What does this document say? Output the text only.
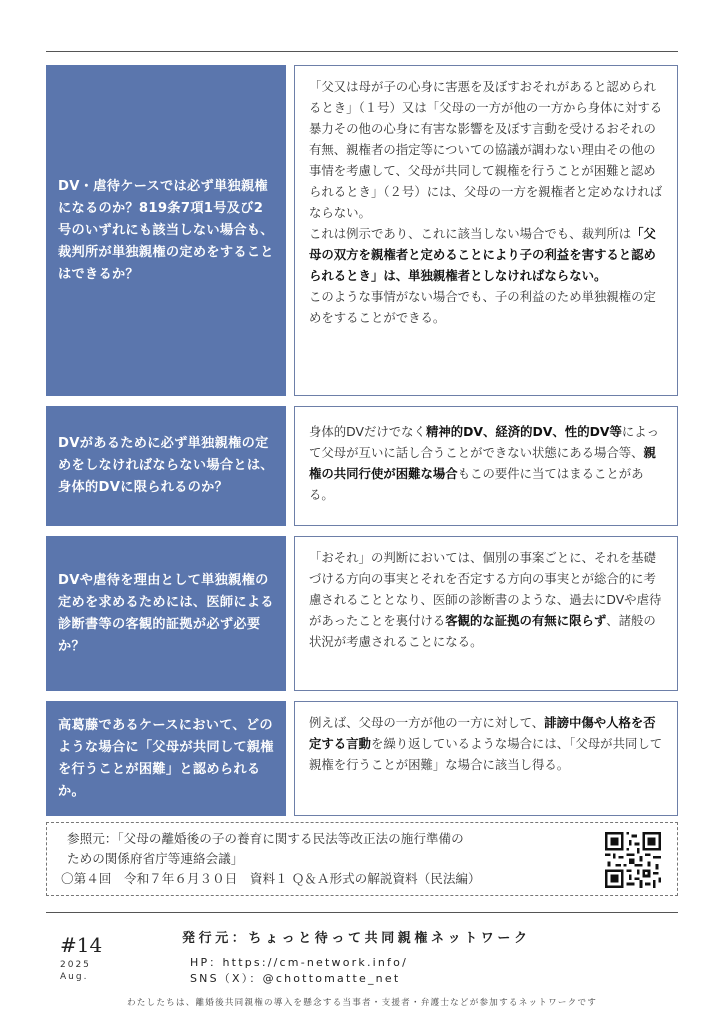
DV・虐待ケースでは必ず単独親権になるのか？819条7項1号及び2号のいずれにも該当しない場合も、裁判所が単独親権の定めをすることはできるか？
「父又は母が子の心身に害悪を及ぼすおそれがあると認められるとき」（１号）又は「父母の一方が他の一方から身体に対する暴力その他の心身に有害な影響を及ぼす言動を受けるおそれの有無、親権者の指定等についての協議が調わない理由その他の事情を考慮して、父母が共同して親権を行うことが困難と認められるとき」（２号）には、父母の一方を親権者と定めなければならない。
これは例示であり、これに該当しない場合でも、裁判所は「父母の双方を親権者と定めることにより子の利益を害すると認められるとき」は、単独親権者としなければならない。
このような事情がない場合でも、子の利益のため単独親権の定めをすることができる。
DVがあるために必ず単独親権の定めをしなければならない場合とは、身体的DVに限られるのか？
身体的DVだけでなく精神的DV、経済的DV、性的DV等によって父母が互いに話し合うことができない状態にある場合等、親権の共同行使が困難な場合もこの要件に当てはまることがある。
DVや虐待を理由として単独親権の定めを求めるためには、医師による診断書等の客観的証拠が必ず必要か？
「おそれ」の判断においては、個別の事案ごとに、それを基礎づける方向の事実とそれを否定する方向の事実とが総合的に考慮されることとなり、医師の診断書のような、過去にDVや虐待があったことを裏付ける客観的な証拠の有無に限らず、諸般の状況が考慮されることになる。
高葛藤であるケースにおいて、どのような場合に「父母が共同して親権を行うことが困難」と認められるか。
例えば、父母の一方が他の一方に対して、誹謗中傷や人格を否定する言動を繰り返しているような場合には、「父母が共同して親権を行うことが困難」な場合に該当し得る。
参照元：「父母の離婚後の子の養育に関する民法等改正法の施行準備の
ための関係府省庁等連絡会議」
〇第４回　令和７年６月３０日　資料１ Ｑ＆Ａ形式の解説資料（民法編）
#14
2025
Aug.
発行元：ちょっと待って共同親権ネットワーク
HP：https://cm-network.info/
SNS（X）：@chottomatte_net
わたしたちは、離婚後共同親権の導入を懸念する当事者・支援者・弁護士などが参加するネットワークです
